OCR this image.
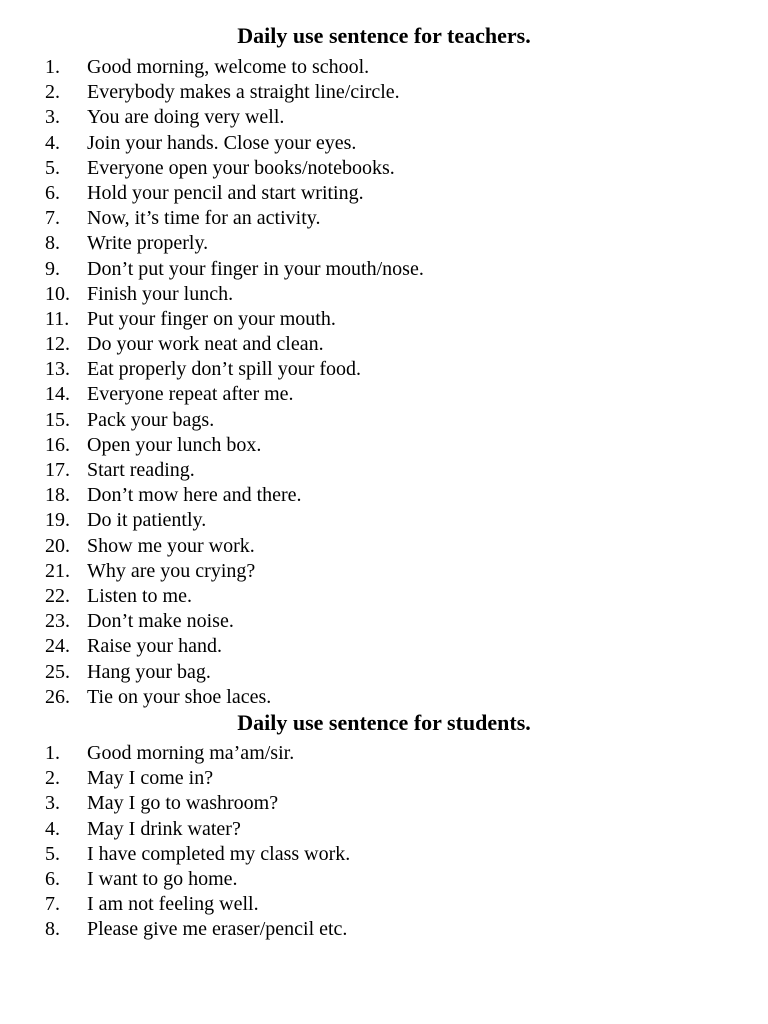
Daily use sentence for teachers.
1. Good morning, welcome to school.
2. Everybody makes a straight line/circle.
3. You are doing very well.
4. Join your hands. Close your eyes.
5. Everyone open your books/notebooks.
6. Hold your pencil and start writing.
7. Now, it’s time for an activity.
8. Write properly.
9. Don’t put your finger in your mouth/nose.
10. Finish your lunch.
11. Put your finger on your mouth.
12. Do your work neat and clean.
13. Eat properly don’t spill your food.
14. Everyone repeat after me.
15. Pack your bags.
16. Open your lunch box.
17. Start reading.
18. Don’t mow here and there.
19. Do it patiently.
20. Show me your work.
21. Why are you crying?
22. Listen to me.
23. Don’t make noise.
24. Raise your hand.
25. Hang your bag.
26. Tie on your shoe laces.
Daily use sentence for students.
1. Good morning ma’am/sir.
2. May I come in?
3. May I go to washroom?
4. May I drink water?
5. I have completed my class work.
6. I want to go home.
7. I am not feeling well.
8. Please give me eraser/pencil etc.
